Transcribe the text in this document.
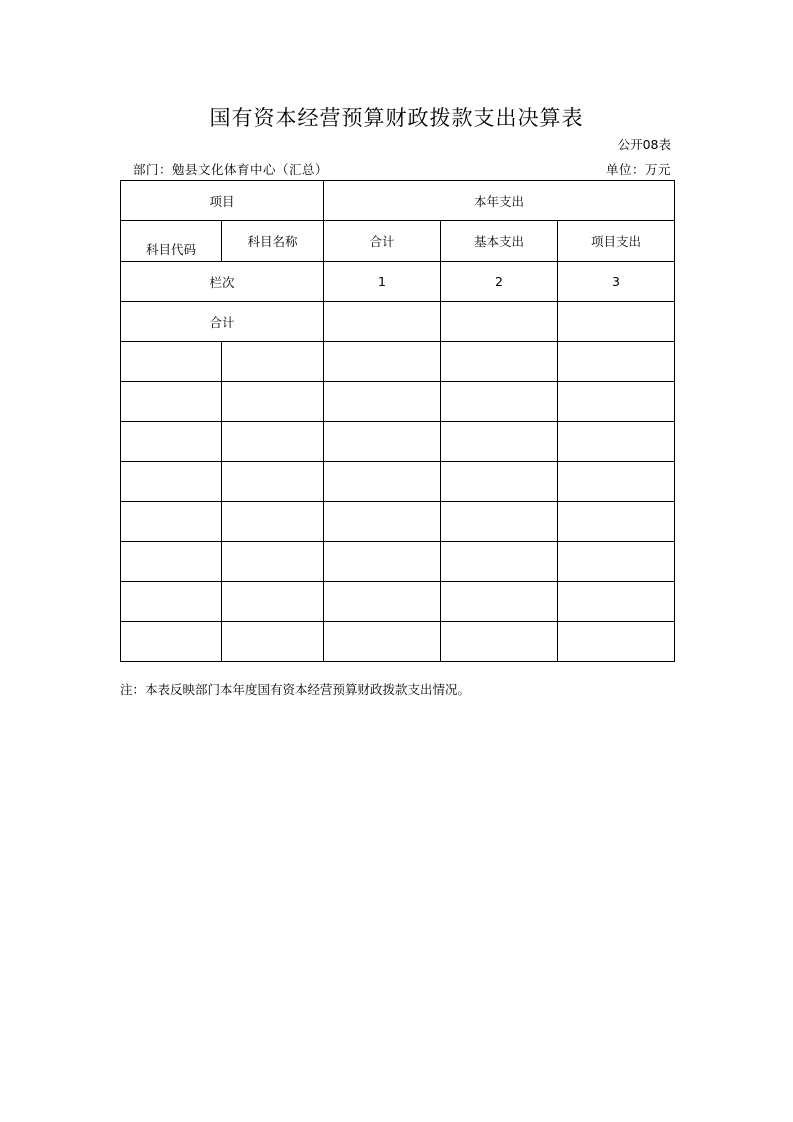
国有资本经营预算财政拨款支出决算表
公开08表
部门：勉县文化体育中心（汇总）	单位：万元
项目		本年支出		
科目代码	科目名称	合计	基本支出	项目支出
栏次		1	2	3
合计				

注：本表反映部门本年度国有资本经营预算财政拨款支出情况。
